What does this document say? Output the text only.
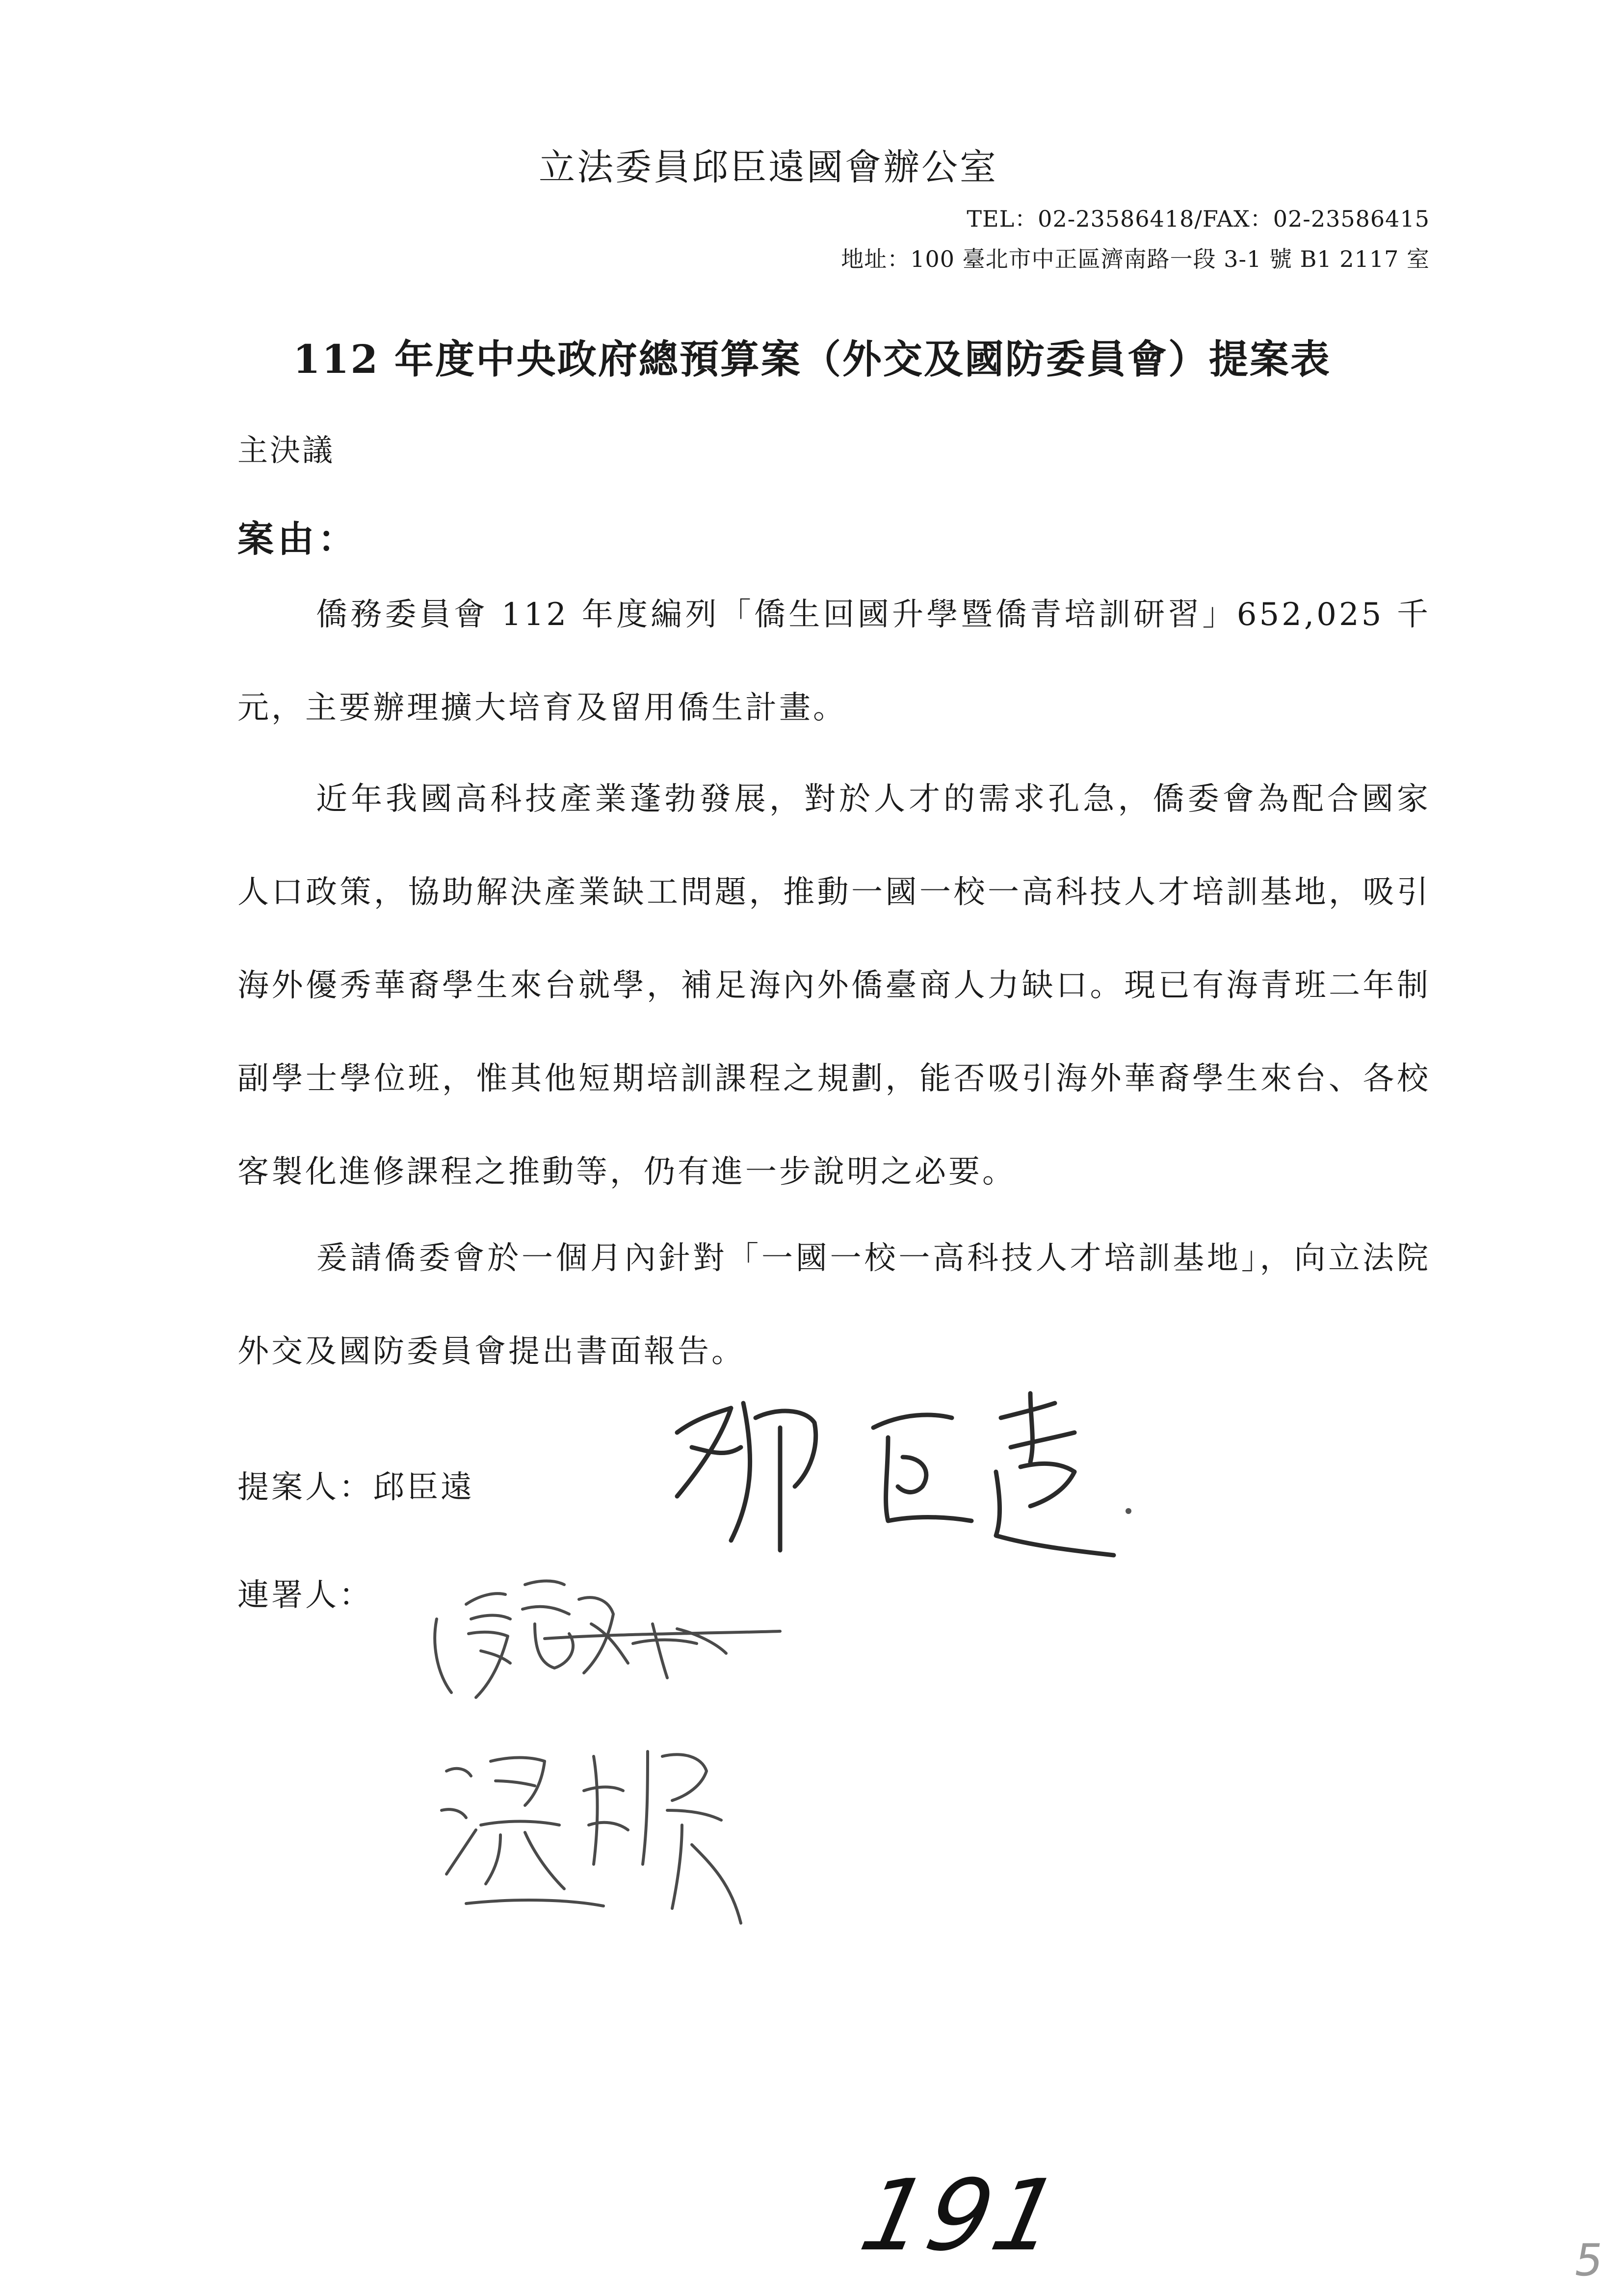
立法委員邱臣遠國會辦公室
TEL：02-23586418/FAX：02-23586415
地址：100 臺北市中正區濟南路一段 3-1 號 B1 2117 室
112 年度中央政府總預算案（外交及國防委員會）提案表
主決議
案由：

僑務委員會 112 年度編列「僑生回國升學暨僑青培訓研習」652,025 千元，主要辦理擴大培育及留用僑生計畫。

近年我國高科技產業蓬勃發展，對於人才的需求孔急，僑委會為配合國家人口政策，協助解決產業缺工問題，推動一國一校一高科技人才培訓基地，吸引海外優秀華裔學生來台就學，補足海內外僑臺商人力缺口。現已有海青班二年制副學士學位班，惟其他短期培訓課程之規劃，能否吸引海外華裔學生來台、各校客製化進修課程之推動等，仍有進一步說明之必要。

爰請僑委會於一個月內針對「一國一校一高科技人才培訓基地」，向立法院外交及國防委員會提出書面報告。

提案人：邱臣遠
連署人：
191	5
